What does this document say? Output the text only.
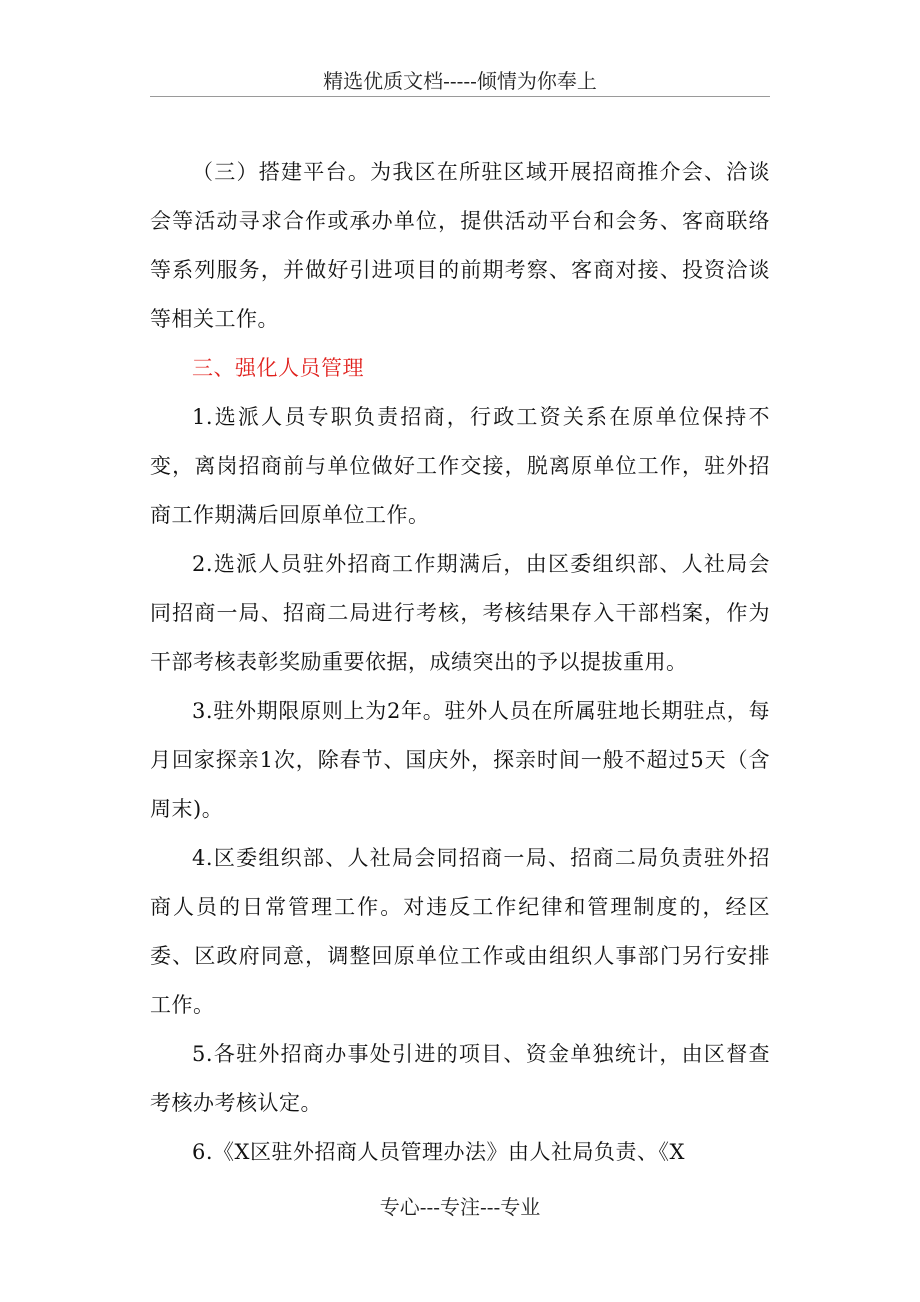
精选优质文档-----倾情为你奉上

（三）搭建平台。为我区在所驻区域开展招商推介会、洽谈会等活动寻求合作或承办单位，提供活动平台和会务、客商联络等系列服务，并做好引进项目的前期考察、客商对接、投资洽谈等相关工作。

三、强化人员管理

1.选派人员专职负责招商，行政工资关系在原单位保持不变，离岗招商前与单位做好工作交接，脱离原单位工作，驻外招商工作期满后回原单位工作。

2.选派人员驻外招商工作期满后，由区委组织部、人社局会同招商一局、招商二局进行考核，考核结果存入干部档案，作为干部考核表彰奖励重要依据，成绩突出的予以提拔重用。

3.驻外期限原则上为2年。驻外人员在所属驻地长期驻点，每月回家探亲1次，除春节、国庆外，探亲时间一般不超过5天（含周末)。

4.区委组织部、人社局会同招商一局、招商二局负责驻外招商人员的日常管理工作。对违反工作纪律和管理制度的，经区委、区政府同意，调整回原单位工作或由组织人事部门另行安排工作。

5.各驻外招商办事处引进的项目、资金单独统计，由区督查考核办考核认定。

6.《X区驻外招商人员管理办法》由人社局负责、《X

专心---专注---专业
